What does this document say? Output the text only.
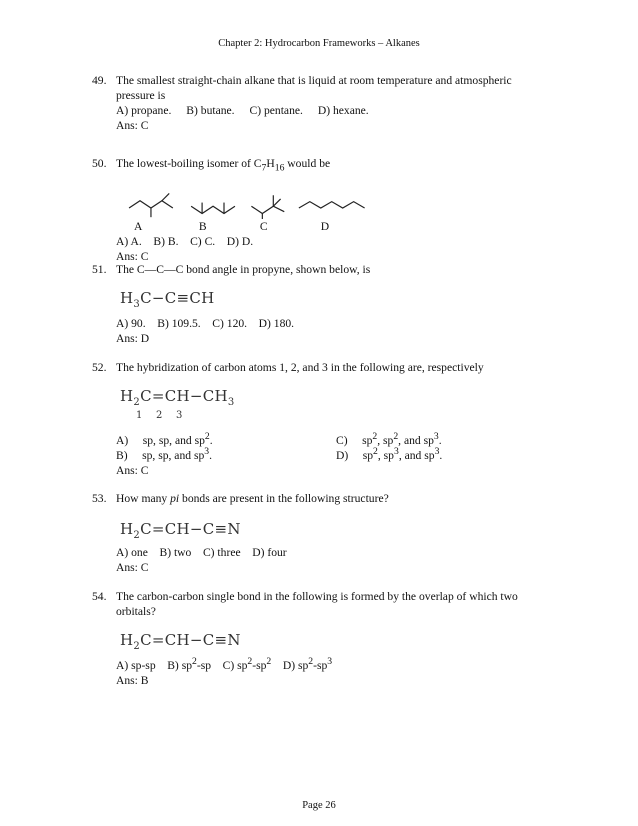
Chapter 2: Hydrocarbon Frameworks – Alkanes
49. The smallest straight-chain alkane that is liquid at room temperature and atmospheric
pressure is
A) propane. B) butane. C) pentane. D) hexane.
Ans: C
50. The lowest-boiling isomer of $C_7H_{16}$ would be
A	B	C	D
A) A.    B) B.    C) C.    D) D.
Ans: C
51. The C—C—C bond angle in propyne, shown below, is
$H_3C-C\equiv CH$
A) 90.    B) 109.5.    C) 120.    D) 180.
Ans: D
52. The hybridization of carbon atoms 1, 2, and 3 in the following are, respectively
$H_2C=CH-CH_3$
1 2 3
A) sp, sp, and $sp^2$.	C) $sp^2$, $sp^2$, and $sp^3$.
B) sp, sp, and $sp^3$.	D) $sp^2$, $sp^3$, and $sp^3$.
Ans: C
53. How many pi bonds are present in the following structure?
$H_2C=CH-C\equiv N$
A) one    B) two    C) three    D) four
Ans: C
54. The carbon-carbon single bond in the following is formed by the overlap of which two
orbitals?
$H_2C=CH-C\equiv N$
A) sp-sp    B) $sp^2-sp$    C) $sp^2-sp^2$    D) $sp^2-sp^3$
Ans: B
Page 26
